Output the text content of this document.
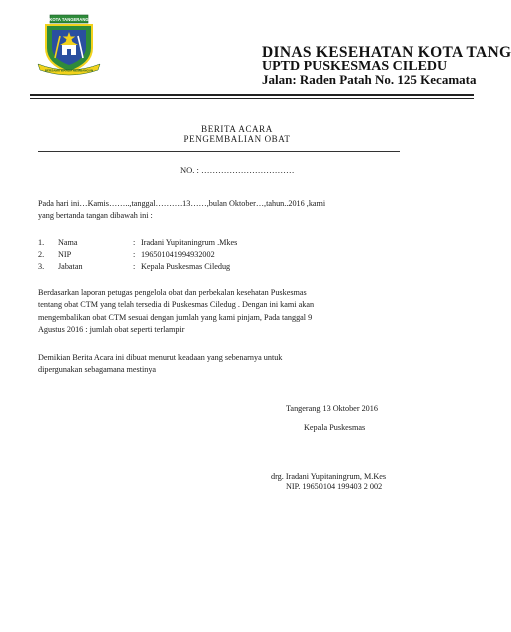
KOTA TANGERANG
BERSAMA WARGA MEMBANGUN
DINAS KESEHATAN KOTA TANG
UPTD PUSKESMAS CILEDU
Jalan: Raden Patah No. 125 Kecamata
BERITA ACARA
PENGEMBALIAN OBAT
NO. : ……………………………
Pada hari ini…Kamis……..,tanggal……….13……,bulan Oktober…,tahun..2016 ,kami
yang bertanda tangan dibawah ini :
1. Nama	: Iradani Yupitaningrum .Mkes
2. NIP	: 196501041994932002
3. Jabatan	: Kepala Puskesmas Ciledug
Berdasarkan laporan petugas pengelola obat dan perbekalan kesehatan Puskesmas
tentang obat CTM yang telah tersedia di Puskesmas Ciledug . Dengan ini kami akan
mengembalikan obat CTM sesuai dengan jumlah yang kami pinjam, Pada tanggal 9
Agustus 2016 : jumlah obat seperti terlampir
Demikian Berita Acara ini dibuat menurut keadaan yang sebenarnya untuk
dipergunakan sebagamana mestinya
Tangerang 13 Oktober 2016
Kepala Puskesmas
drg. Iradani Yupitaningrum, M.Kes
NIP. 19650104 199403 2 002
